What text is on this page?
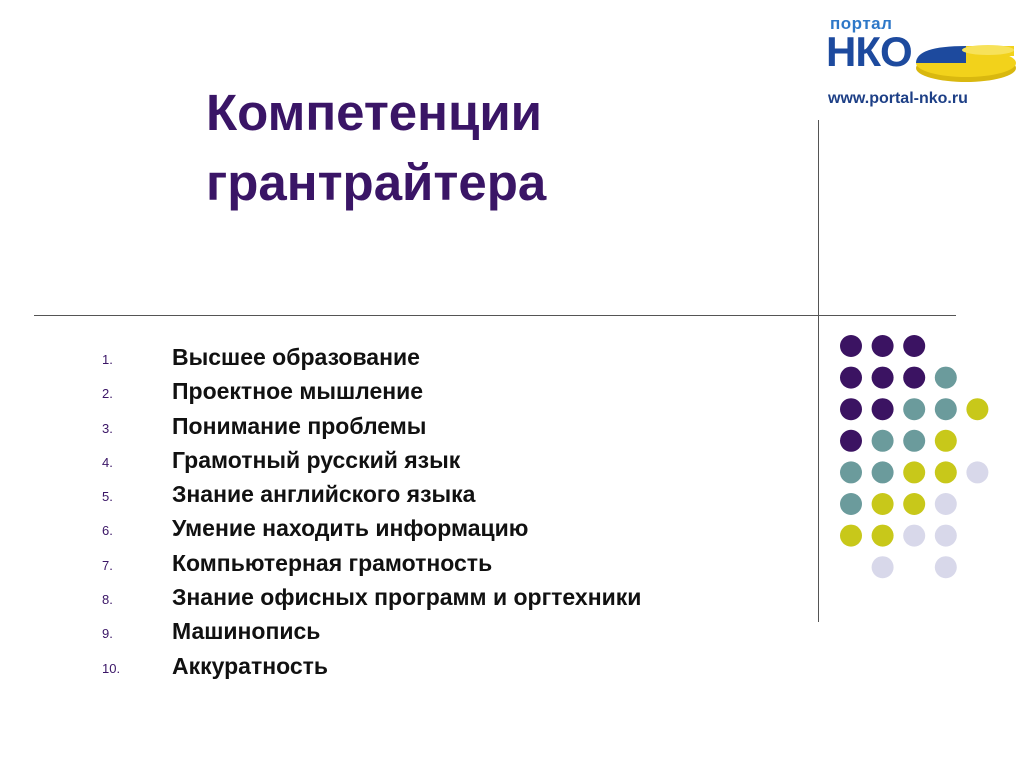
Компетенции
грантрайтера
портал
НКО
www.portal-nko.ru
1.	Высшее образование
2.	Проектное мышление
3.	Понимание проблемы
4.	Грамотный русский язык
5.	Знание английского языка
6.	Умение находить информацию
7.	Компьютерная грамотность
8.	Знание офисных программ и оргтехники
9.	Машинопись
10.	Аккуратность
